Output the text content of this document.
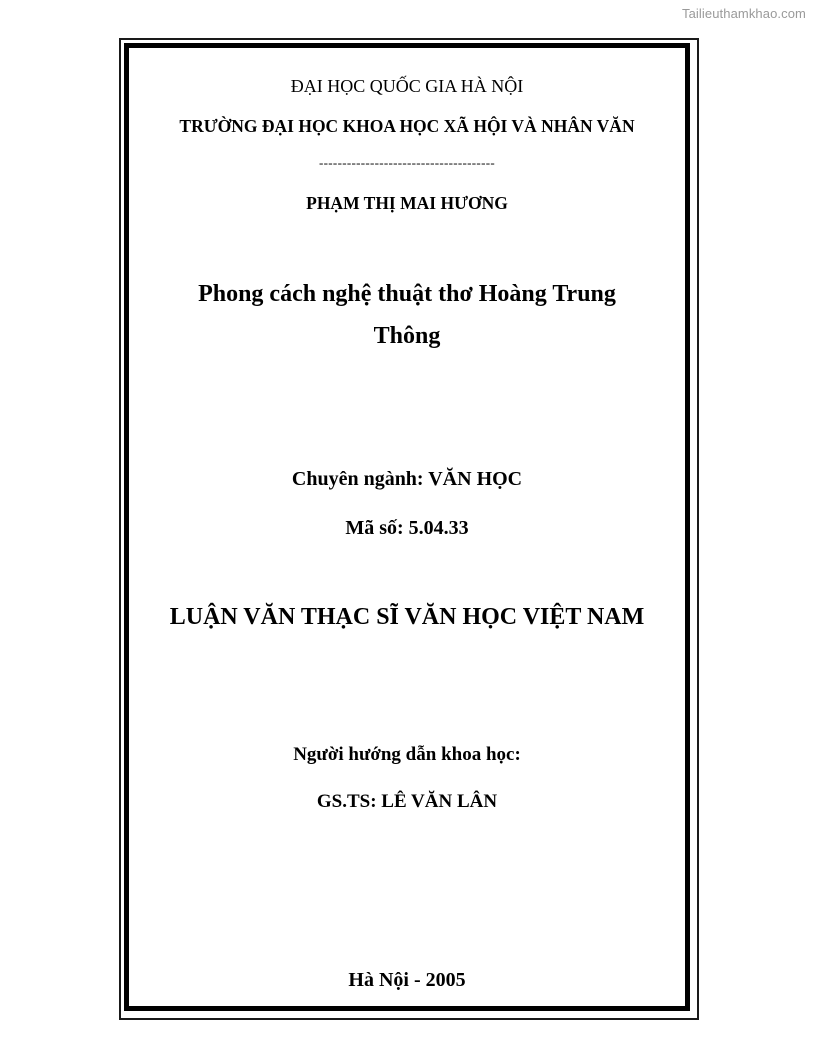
Tailieuthamkhao.com
ĐẠI HỌC QUỐC GIA HÀ NỘI
TRƯỜNG ĐẠI HỌC KHOA HỌC XÃ HỘI VÀ NHÂN VĂN
--------------------------------------
PHẠM THỊ MAI HƯƠNG
Phong cách nghệ thuật thơ Hoàng Trung
Thông
Chuyên ngành: VĂN HỌC
Mã số: 5.04.33
LUẬN VĂN THẠC SĨ VĂN HỌC VIỆT NAM
Người hướng dẫn khoa học:
GS.TS: LÊ VĂN LÂN
Hà Nội - 2005
